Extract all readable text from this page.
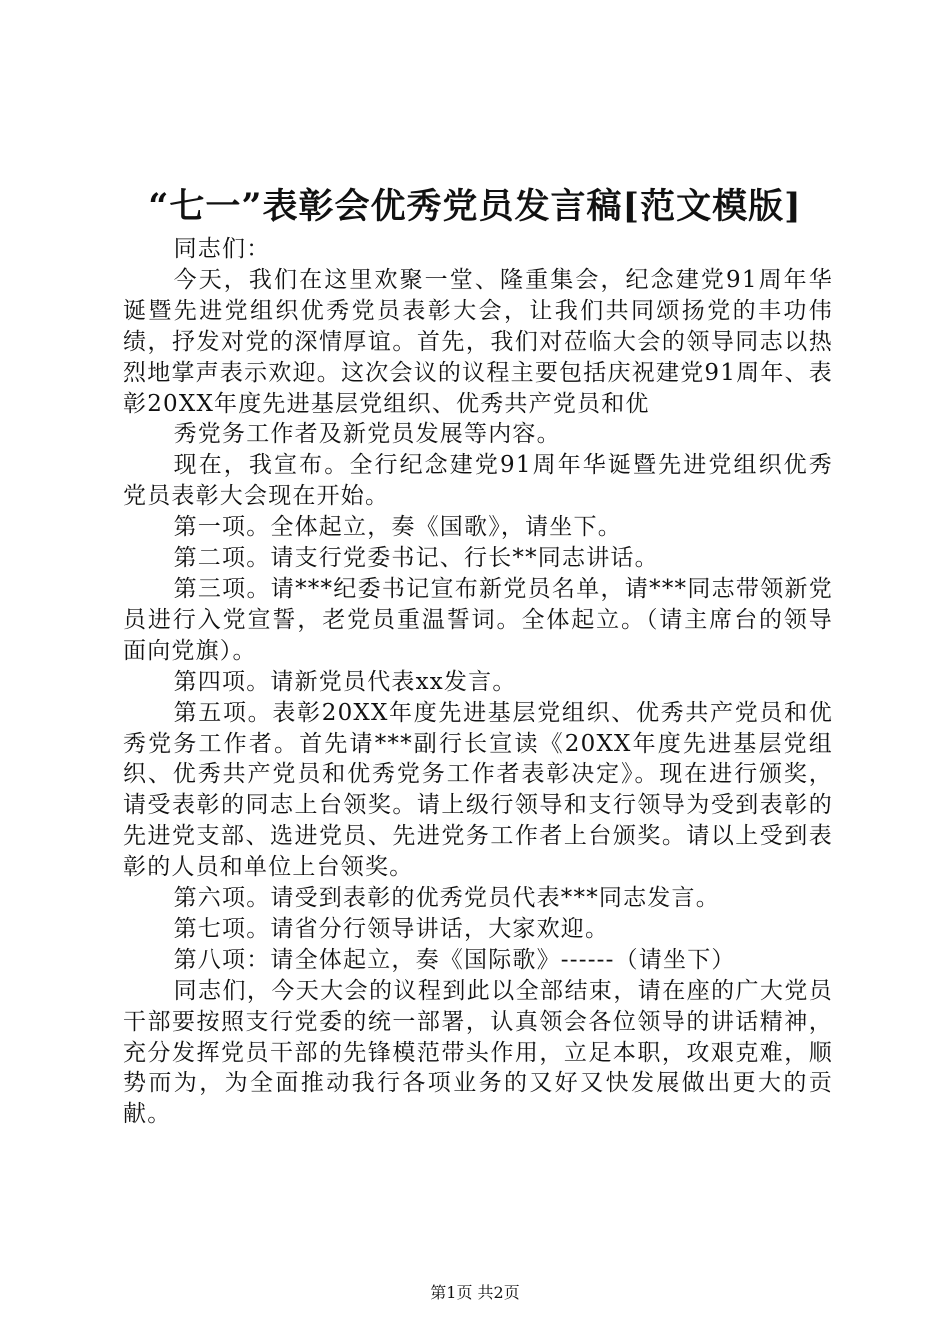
“七一”表彰会优秀党员发言稿[范文模版]

同志们：

今天，我们在这里欢聚一堂、隆重集会，纪念建党91周年华诞暨先进党组织优秀党员表彰大会，让我们共同颂扬党的丰功伟绩，抒发对党的深情厚谊。首先，我们对莅临大会的领导同志以热烈地掌声表示欢迎。这次会议的议程主要包括庆祝建党91周年、表彰20XX年度先进基层党组织、优秀共产党员和优

秀党务工作者及新党员发展等内容。

现在，我宣布。全行纪念建党91周年华诞暨先进党组织优秀党员表彰大会现在开始。

第一项。全体起立，奏《国歌》，请坐下。

第二项。请支行党委书记、行长**同志讲话。

第三项。请***纪委书记宣布新党员名单，请***同志带领新党员进行入党宣誓，老党员重温誓词。全体起立。（请主席台的领导面向党旗）。

第四项。请新党员代表xx发言。

第五项。表彰20XX年度先进基层党组织、优秀共产党员和优秀党务工作者。首先请***副行长宣读《20XX年度先进基层党组织、优秀共产党员和优秀党务工作者表彰决定》。现在进行颁奖，请受表彰的同志上台领奖。请上级行领导和支行领导为受到表彰的先进党支部、选进党员、先进党务工作者上台颁奖。请以上受到表彰的人员和单位上台领奖。

第六项。请受到表彰的优秀党员代表***同志发言。

第七项。请省分行领导讲话，大家欢迎。

第八项：请全体起立，奏《国际歌》------（请坐下）

同志们，今天大会的议程到此以全部结束，请在座的广大党员干部要按照支行党委的统一部署，认真领会各位领导的讲话精神，充分发挥党员干部的先锋模范带头作用，立足本职，攻艰克难，顺势而为，为全面推动我行各项业务的又好又快发展做出更大的贡献。

第1页 共2页
